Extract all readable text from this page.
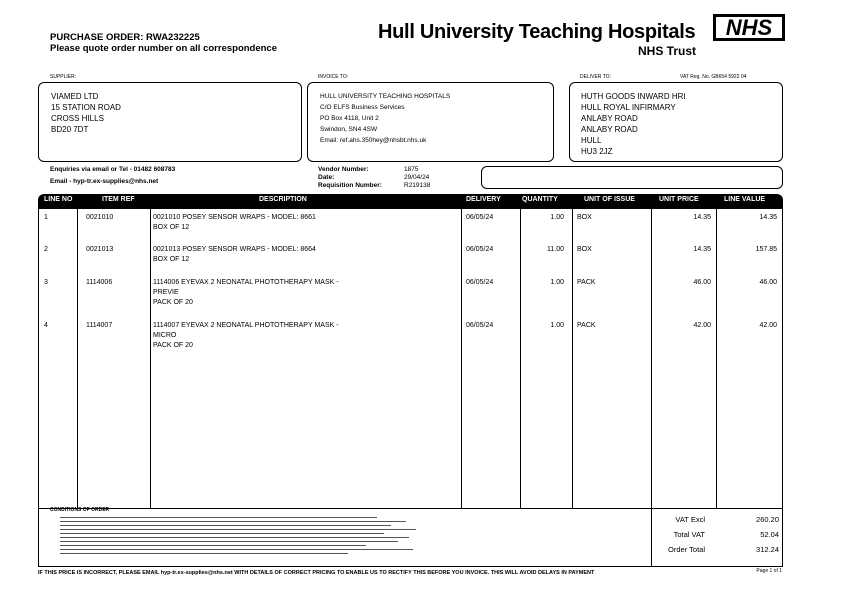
PURCHASE ORDER: RWA232225
Please quote order number on all correspondence
Hull University Teaching Hospitals
NHS Trust
NHS
SUPPLIER:	INVOICE TO:	DELIVER TO:	VAT Reg. No. GB654 5922 04
VIAMED LTD
15 STATION ROAD
CROSS HILLS
BD20 7DT
HULL UNIVERSITY TEACHING HOSPITALS
C/O ELFS Business Services
PO Box 4118, Unit 2
Swindon, SN4 4SW
Email: ref.ahs.350hey@nhsbt.nhs.uk
HUTH GOODS INWARD HRI
HULL ROYAL INFIRMARY
ANLABY ROAD
ANLABY ROAD
HULL
HU3 2JZ
Enquiries via email or Tel - 01482 608783
Email - hyp-tr.ex-supplies@nhs.net
Vendor Number:
Date:
Requisition Number:
1875
29/04/24
R219138
LINE NO	ITEM REF	DESCRIPTION	DELIVERY	QUANTITY	UNIT OF ISSUE	UNIT PRICE	LINE VALUE
1	0021010	0021010 POSEY SENSOR WRAPS - MODEL: 8661
BOX OF 12
06/05/24	1.00 BOX	14.35	14.35
2	0021013	0021013 POSEY SENSOR WRAPS - MODEL: 8664
BOX OF 12
06/05/24	11.00 BOX	14.35	157.85
3	1114006	1114006 EYEVAX 2 NEONATAL PHOTOTHERAPY MASK -
PREVIE
PACK OF 20
06/05/24	1.00 PACK	46.00	46.00
4	1114007	1114007 EYEVAX 2 NEONATAL PHOTOTHERAPY MASK -
MICRO
PACK OF 20
06/05/24	1.00 PACK	42.00	42.00
CONDITIONS OF ORDER
VAT Excl	260.20
Total VAT	52.04
Order Total	312.24
IF THIS PRICE IS INCORRECT, PLEASE EMAIL hyp-tr.ex-supplies@nhs.net WITH DETAILS OF CORRECT PRICING TO ENABLE US TO RECTIFY THIS BEFORE YOU INVOICE. THIS WILL AVOID DELAYS IN PAYMENT	Page 1 of 1
